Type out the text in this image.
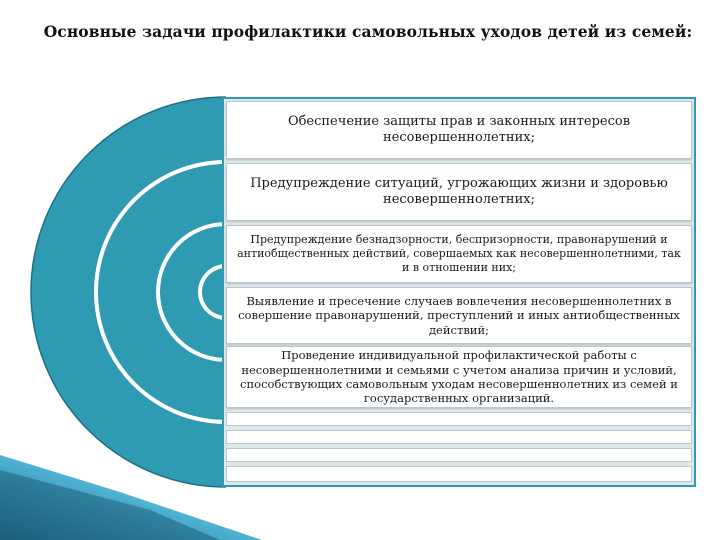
Основные задачи профилактики самовольных уходов детей из семей:
Обеспечение защиты прав и законных интересов несовершеннолетних;
Предупреждение ситуаций, угрожающих жизни и здоровью несовершеннолетних;
Предупреждение безнадзорности, беспризорности, правонарушений и антиобщественных действий, совершаемых как несовершеннолетними, так и в отношении них;
Выявление и пресечение случаев вовлечения несовершеннолетних в совершение правонарушений, преступлений и иных антиобщественных действий;
Проведение индивидуальной профилактической работы с несовершеннолетними и семьями с учетом анализа причин и условий, способствующих самовольным уходам несовершеннолетних из семей и государственных организаций.
